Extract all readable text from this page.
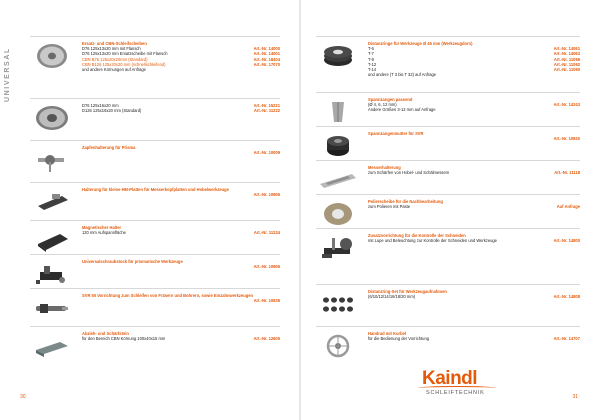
UNIVERSAL
Ersatz- und CBN-Schleifscheiben
D76 125x13x20 mm mit Flansch	Art.-Nr. 14000
D76 125x13x20 mm Ersatzscheibe mit Flansch	Art.-Nr. 14001
CBN B76 125x20x20mm (Standard)	Art.-Nr. 18404
CBN B126 125x20x20 mm (schnellschleifend)	Art.-Nr. 17070
und andere Körnungen auf Anfrage
D76 125x16x20 mm	Art.-Nr. 15221
D126 125x16x20 mm (Standard)	Art.-Nr. 11222
Zapfenhalterung für Prisma
Art.-Nr. 10009
Halterung für kleine HM-Platten für Messerkopfplatten und Hobelwerkzeuge
Art.-Nr. 10906
Magnetischer Halter
120 mm Aufspannfläche	Art.-Nr. 11224
Universalschraubstock für prismatische Werkzeuge
Art.-Nr. 10906
SVR 50 Vorrichtung zum Schleifen von Fräsern und Bohrern, sowie Einzahnwerkzeugen
Art.-Nr. 10635
Abzieh- und Schärfstein
für den Bereich CBN Körnung 100x40x15 mm	Art.-Nr. 12605
Distanzringe für Werkzeuge Ø 45 mm (Werkzeugdorn)
T-6	Art.-Nr. 14061
T-7	Art.-Nr. 14063
T-9	Art.-Nr. 11069
T-12	Art.-Nr. 11062
T-14	Art.-Nr. 11060
und andere (T 3 bis T 32) auf Anfrage
Spannzangen passend
(Ø 4, 6, 12 mm)	Art.-Nr. 14243
Andere Größen 3-12 mm auf Anfrage
Spannzangenmutter für SVR
Art.-Nr. 10840
Messerhalterung
zum Schärfen von Hobel- und Schälmessern	Art.-Nr. 11118
Polierscheibe für die Nachbearbeitung
zum Polieren mit Paste	Auf Anfrage
Zusatzvorrichtung für die Kontrolle der Schneiden
mit Lupe und Beleuchtung zur Kontrolle der Schneiden und Werkzeuge	Art.-Nr. 14800
Distanzring-Set für Werkzeugaufnahmen
(6/10/12/14/16/18/20 mm)	Art.-Nr. 14808
Handrad mit Kurbel
für die Bedienung der Vorrichtung	Art.-Nr. 14707
30	31
Kaindl
SCHLEIFTECHNIK
